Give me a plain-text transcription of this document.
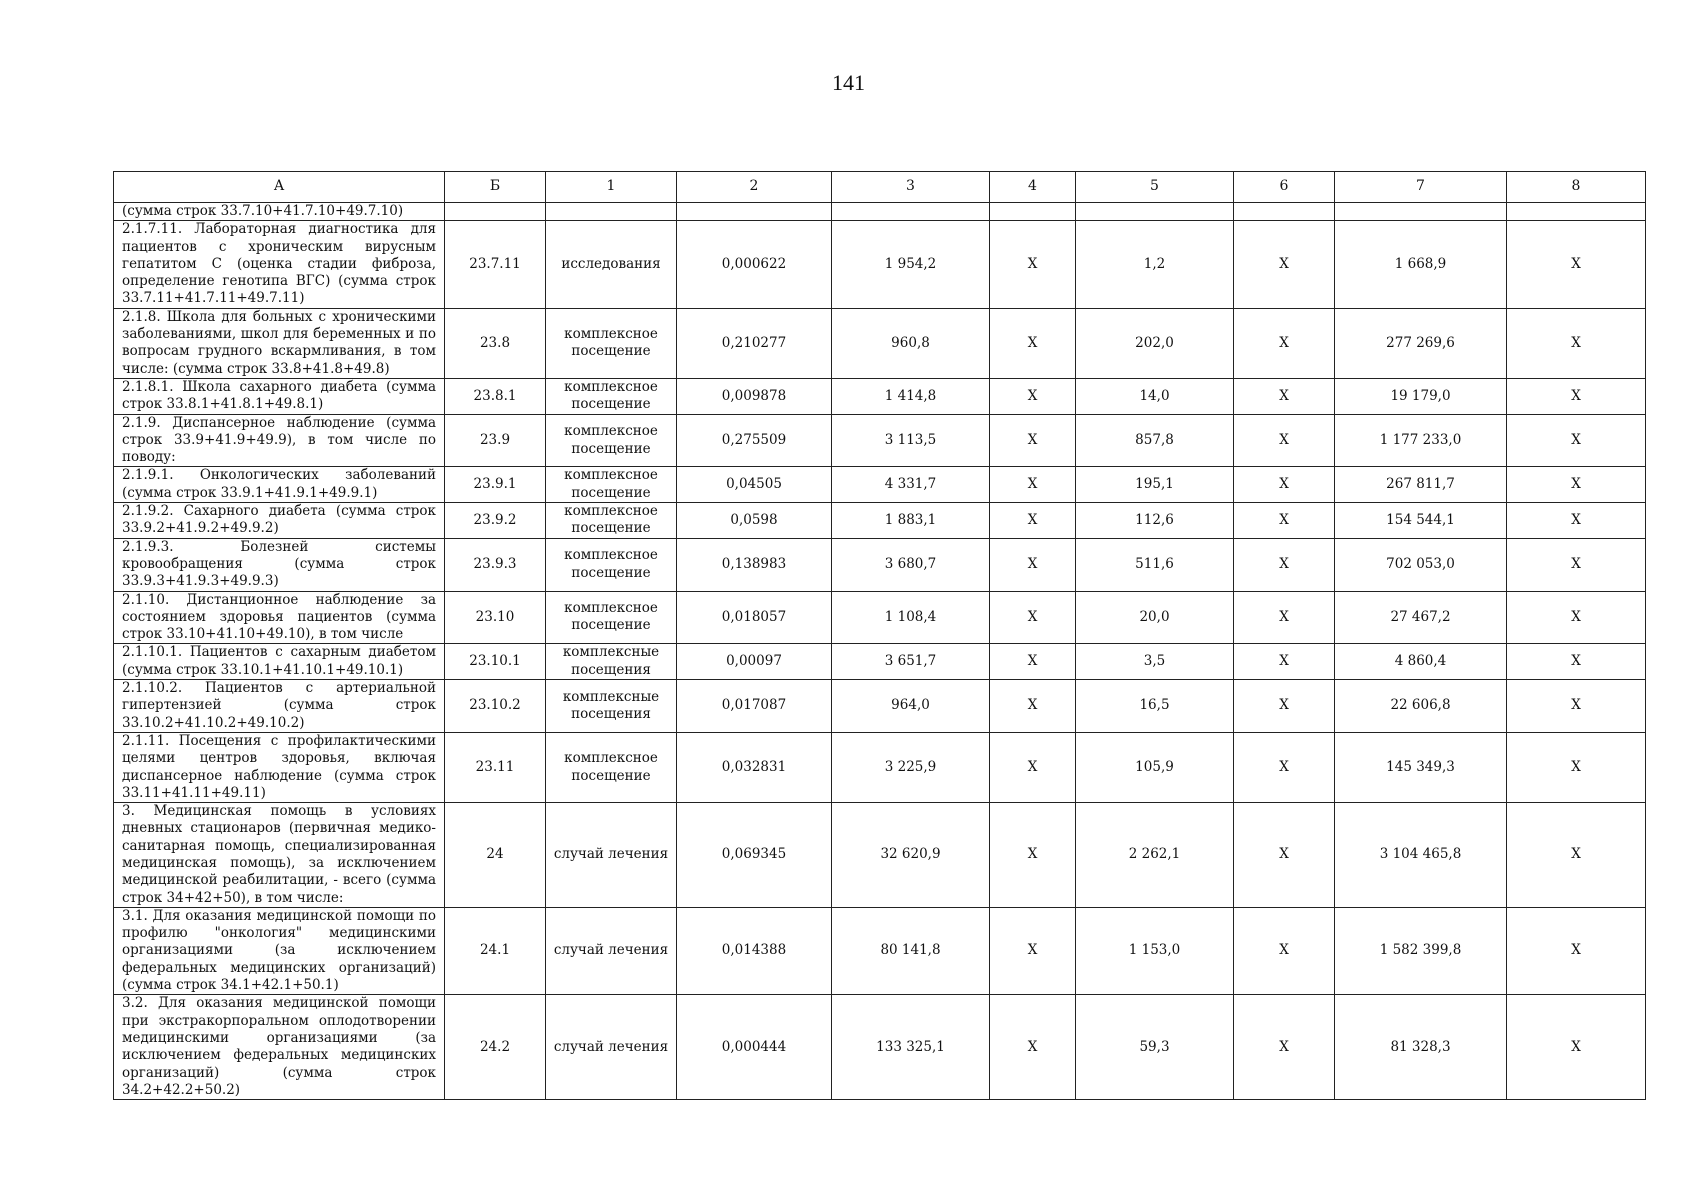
141
А	Б	1	2	3	4	5	6	7	8
(сумма строк 33.7.10+41.7.10+49.7.10)									
2.1.7.11. Лабораторная диагностика для пациентов с хроническим вирусным гепатитом C (оценка стадии фиброза, определение генотипа ВГС) (сумма строк 33.7.11+41.7.11+49.7.11)	23.7.11	исследования	0,000622	1 954,2	X	1,2	X	1 668,9	X
2.1.8. Школа для больных с хроническими заболеваниями, школ для беременных и по вопросам грудного вскармливания, в том числе: (сумма строк 33.8+41.8+49.8)	23.8	комплексное посещение	0,210277	960,8	X	202,0	X	277 269,6	X
2.1.8.1. Школа сахарного диабета (сумма строк 33.8.1+41.8.1+49.8.1)	23.8.1	комплексное посещение	0,009878	1 414,8	X	14,0	X	19 179,0	X
2.1.9. Диспансерное наблюдение (сумма строк 33.9+41.9+49.9), в том числе по поводу:	23.9	комплексное посещение	0,275509	3 113,5	X	857,8	X	1 177 233,0	X
2.1.9.1. Онкологических заболеваний (сумма строк 33.9.1+41.9.1+49.9.1)	23.9.1	комплексное посещение	0,04505	4 331,7	X	195,1	X	267 811,7	X
2.1.9.2. Сахарного диабета (сумма строк 33.9.2+41.9.2+49.9.2)	23.9.2	комплексное посещение	0,0598	1 883,1	X	112,6	X	154 544,1	X
2.1.9.3. Болезней системы кровообращения (сумма строк 33.9.3+41.9.3+49.9.3)	23.9.3	комплексное посещение	0,138983	3 680,7	X	511,6	X	702 053,0	X
2.1.10. Дистанционное наблюдение за состоянием здоровья пациентов (сумма строк 33.10+41.10+49.10), в том числе	23.10	комплексное посещение	0,018057	1 108,4	X	20,0	X	27 467,2	X
2.1.10.1. Пациентов с сахарным диабетом (сумма строк 33.10.1+41.10.1+49.10.1)	23.10.1	комплексные посещения	0,00097	3 651,7	X	3,5	X	4 860,4	X
2.1.10.2. Пациентов с артериальной гипертензией (сумма строк 33.10.2+41.10.2+49.10.2)	23.10.2	комплексные посещения	0,017087	964,0	X	16,5	X	22 606,8	X
2.1.11. Посещения с профилактическими целями центров здоровья, включая диспансерное наблюдение (сумма строк 33.11+41.11+49.11)	23.11	комплексное посещение	0,032831	3 225,9	X	105,9	X	145 349,3	X
3. Медицинская помощь в условиях дневных стационаров (первичная медико-санитарная помощь, специализированная медицинская помощь), за исключением медицинской реабилитации, - всего (сумма строк 34+42+50), в том числе:	24	случай лечения	0,069345	32 620,9	X	2 262,1	X	3 104 465,8	X
3.1. Для оказания медицинской помощи по профилю "онкология" медицинскими организациями (за исключением федеральных медицинских организаций) (сумма строк 34.1+42.1+50.1)	24.1	случай лечения	0,014388	80 141,8	X	1 153,0	X	1 582 399,8	X
3.2. Для оказания медицинской помощи при экстракорпоральном оплодотворении медицинскими организациями (за исключением федеральных медицинских организаций) (сумма строк 34.2+42.2+50.2)	24.2	случай лечения	0,000444	133 325,1	X	59,3	X	81 328,3	X
